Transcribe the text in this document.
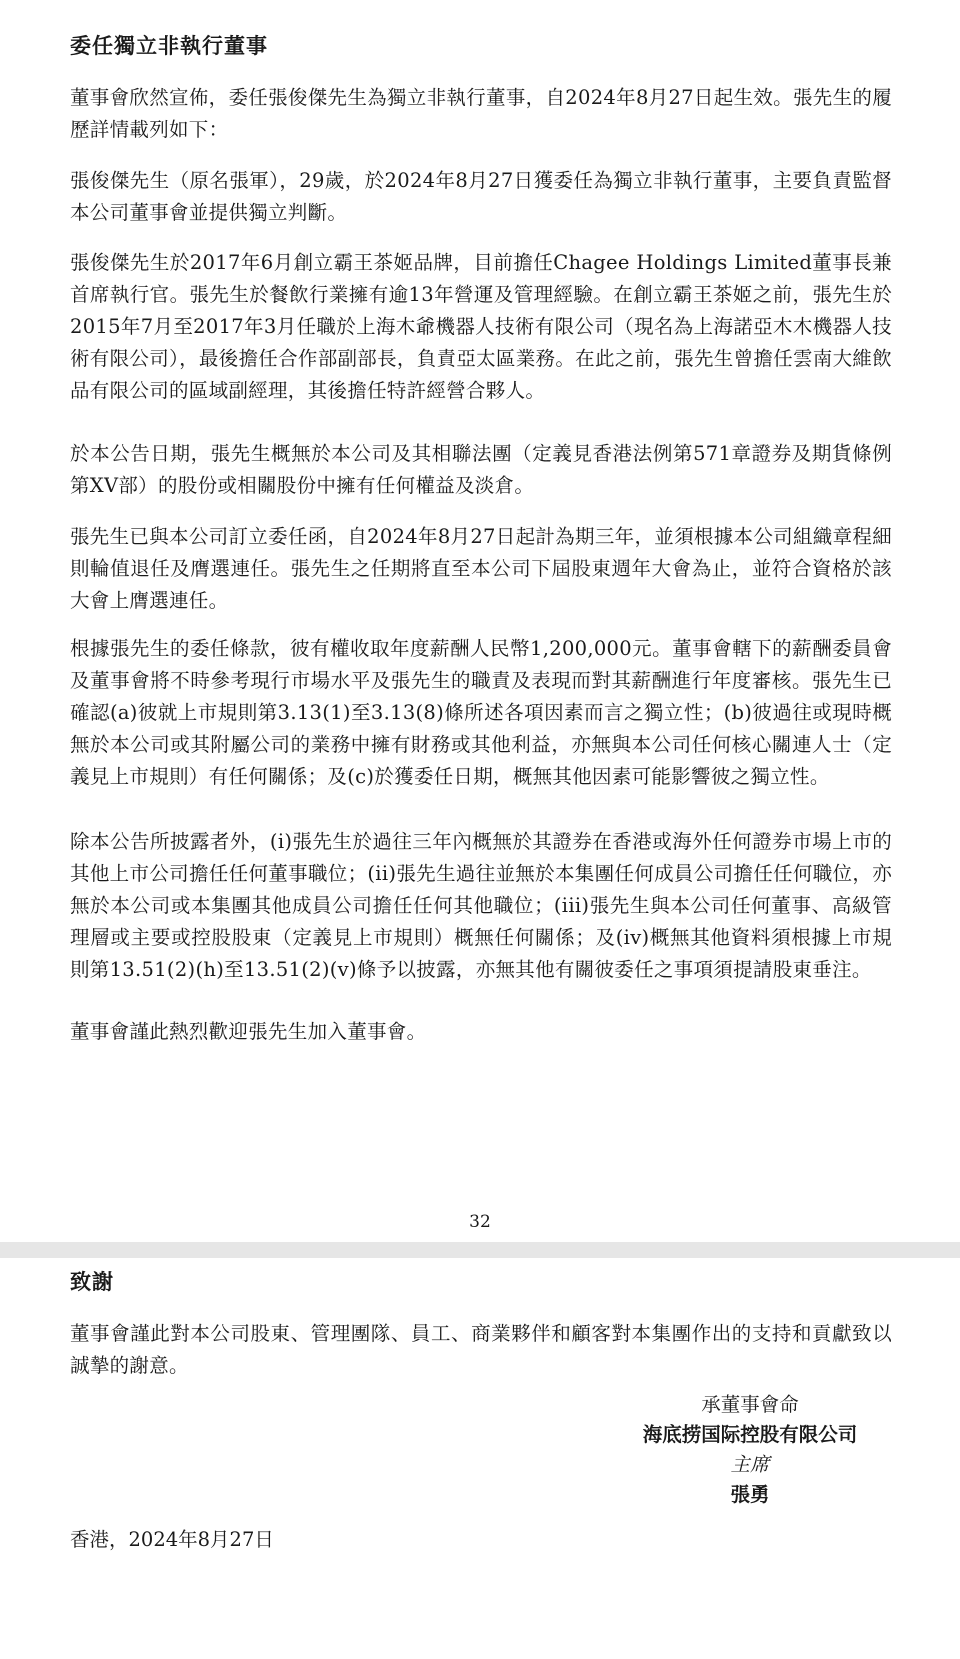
委任獨立非執行董事

董事會欣然宣佈，委任張俊傑先生為獨立非執行董事，自2024年8月27日起生效。張先生的履歷詳情載列如下：

張俊傑先生（原名張軍），29歲，於2024年8月27日獲委任為獨立非執行董事，主要負責監督本公司董事會並提供獨立判斷。

張俊傑先生於2017年6月創立霸王茶姬品牌，目前擔任Chagee Holdings Limited董事長兼首席執行官。張先生於餐飲行業擁有逾13年營運及管理經驗。在創立霸王茶姬之前，張先生於2015年7月至2017年3月任職於上海木爺機器人技術有限公司（現名為上海諾亞木木機器人技術有限公司），最後擔任合作部副部長，負責亞太區業務。在此之前，張先生曾擔任雲南大維飲品有限公司的區域副經理，其後擔任特許經營合夥人。

於本公告日期，張先生概無於本公司及其相聯法團（定義見香港法例第571章證券及期貨條例第XV部）的股份或相關股份中擁有任何權益及淡倉。

張先生已與本公司訂立委任函，自2024年8月27日起計為期三年，並須根據本公司組織章程細則輪值退任及膺選連任。張先生之任期將直至本公司下屆股東週年大會為止，並符合資格於該大會上膺選連任。

根據張先生的委任條款，彼有權收取年度薪酬人民幣1,200,000元。董事會轄下的薪酬委員會及董事會將不時參考現行市場水平及張先生的職責及表現而對其薪酬進行年度審核。張先生已確認(a)彼就上市規則第3.13(1)至3.13(8)條所述各項因素而言之獨立性；(b)彼過往或現時概無於本公司或其附屬公司的業務中擁有財務或其他利益，亦無與本公司任何核心關連人士（定義見上市規則）有任何關係；及(c)於獲委任日期，概無其他因素可能影響彼之獨立性。

除本公告所披露者外，(i)張先生於過往三年內概無於其證券在香港或海外任何證券市場上市的其他上市公司擔任任何董事職位；(ii)張先生過往並無於本集團任何成員公司擔任任何職位，亦無於本公司或本集團其他成員公司擔任任何其他職位；(iii)張先生與本公司任何董事、高級管理層或主要或控股股東（定義見上市規則）概無任何關係；及(iv)概無其他資料須根據上市規則第13.51(2)(h)至13.51(2)(v)條予以披露，亦無其他有關彼委任之事項須提請股東垂注。

董事會謹此熱烈歡迎張先生加入董事會。

32
致謝

董事會謹此對本公司股東、管理團隊、員工、商業夥伴和顧客對本集團作出的支持和貢獻致以誠摯的謝意。

承董事會命
海底捞国际控股有限公司
主席
張勇
香港，2024年8月27日
